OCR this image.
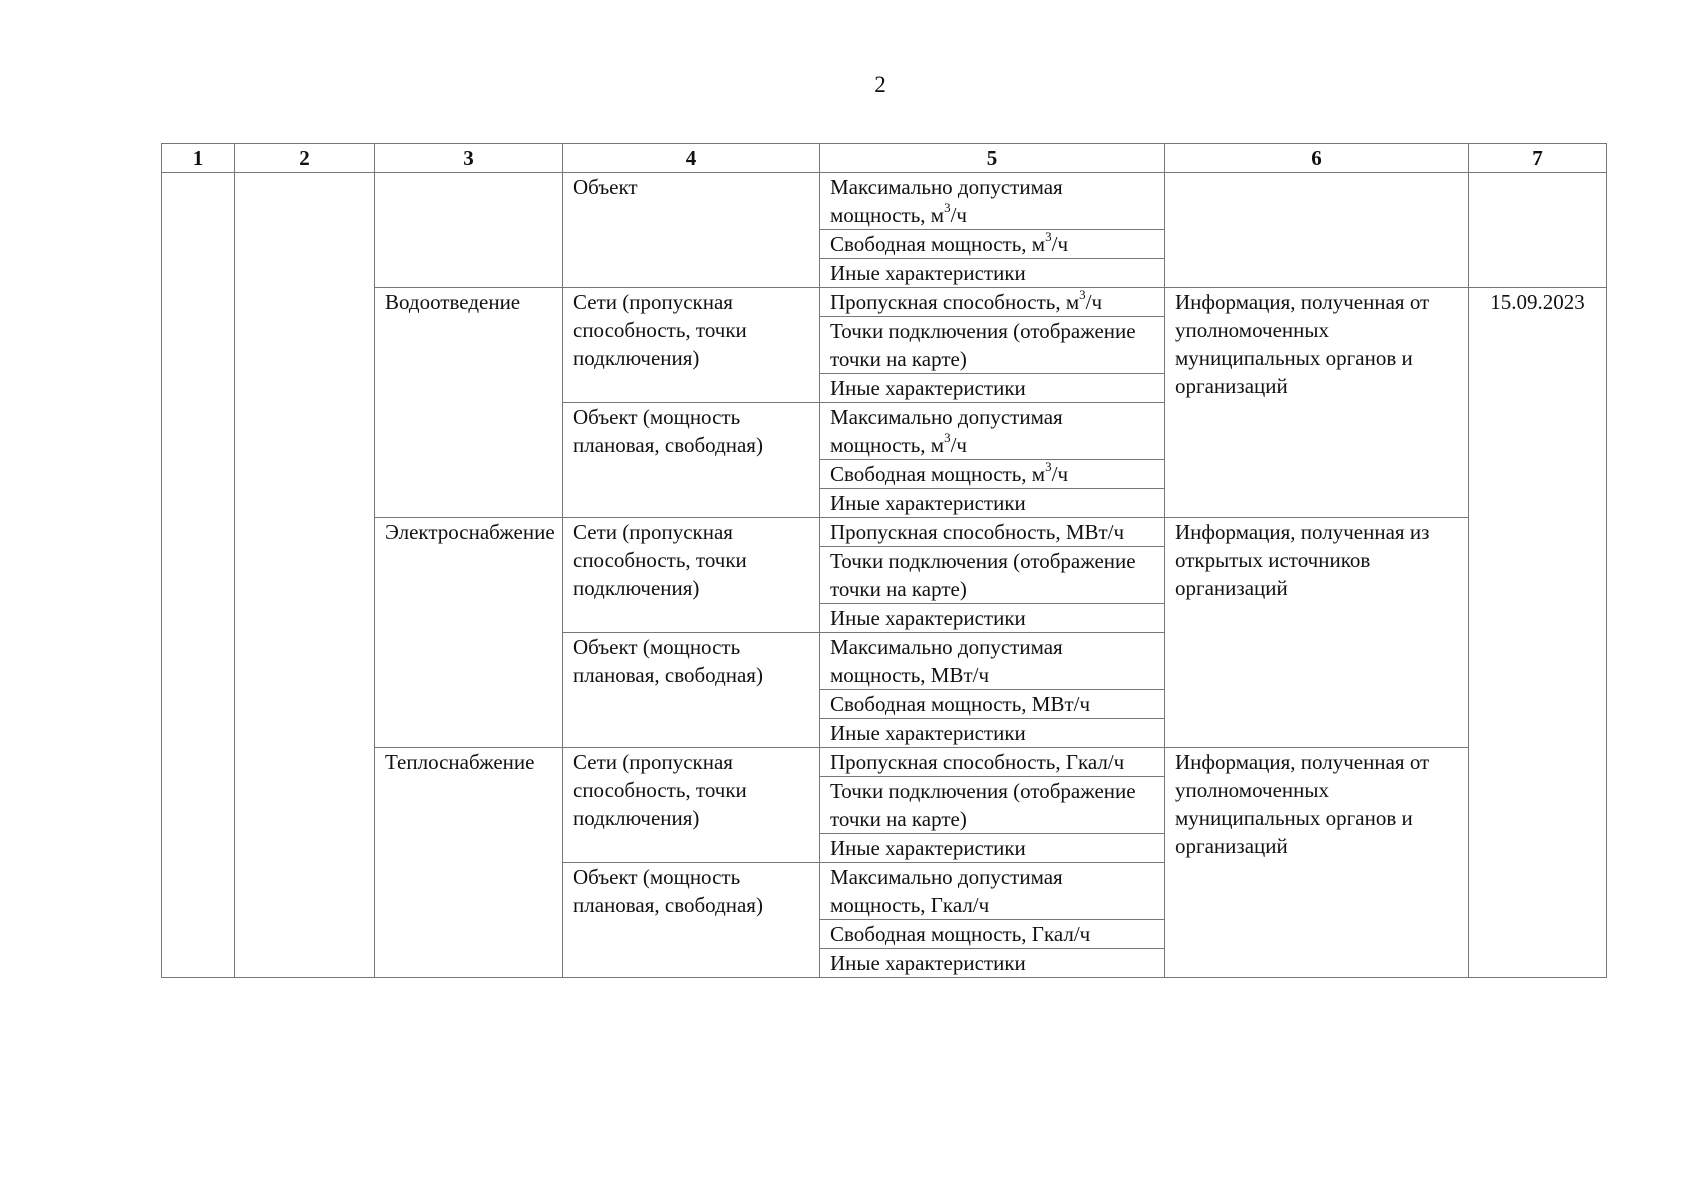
2
1	2	3	4	5	6	7
			Объект	Максимально допустимая мощность, $м^3/ч$		
				Свободная мощность, $м^3/ч$		
				Иные характеристики		
		Водоотведение	Сети (пропускная способность, точки подключения)	Пропускная способность, $м^3/ч$	Информация, полученная от уполномоченных муниципальных органов и организаций	15.09.2023
				Точки подключения (отображение точки на карте)		
				Иные характеристики		
			Объект (мощность плановая, свободная)	Максимально допустимая мощность, $м^3/ч$		
				Свободная мощность, $м^3/ч$		
				Иные характеристики		
		Электроснабжение	Сети (пропускная способность, точки подключения)	Пропускная способность, МВт/ч	Информация, полученная из открытых источников организаций	
				Точки подключения (отображение точки на карте)		
				Иные характеристики		
			Объект (мощность плановая, свободная)	Максимально допустимая мощность, МВт/ч		
				Свободная мощность, МВт/ч		
				Иные характеристики		
		Теплоснабжение	Сети (пропускная способность, точки подключения)	Пропускная способность, Гкал/ч	Информация, полученная от уполномоченных муниципальных органов и организаций	
				Точки подключения (отображение точки на карте)		
				Иные характеристики		
			Объект (мощность плановая, свободная)	Максимально допустимая мощность, Гкал/ч		
				Свободная мощность, Гкал/ч		
				Иные характеристики		
